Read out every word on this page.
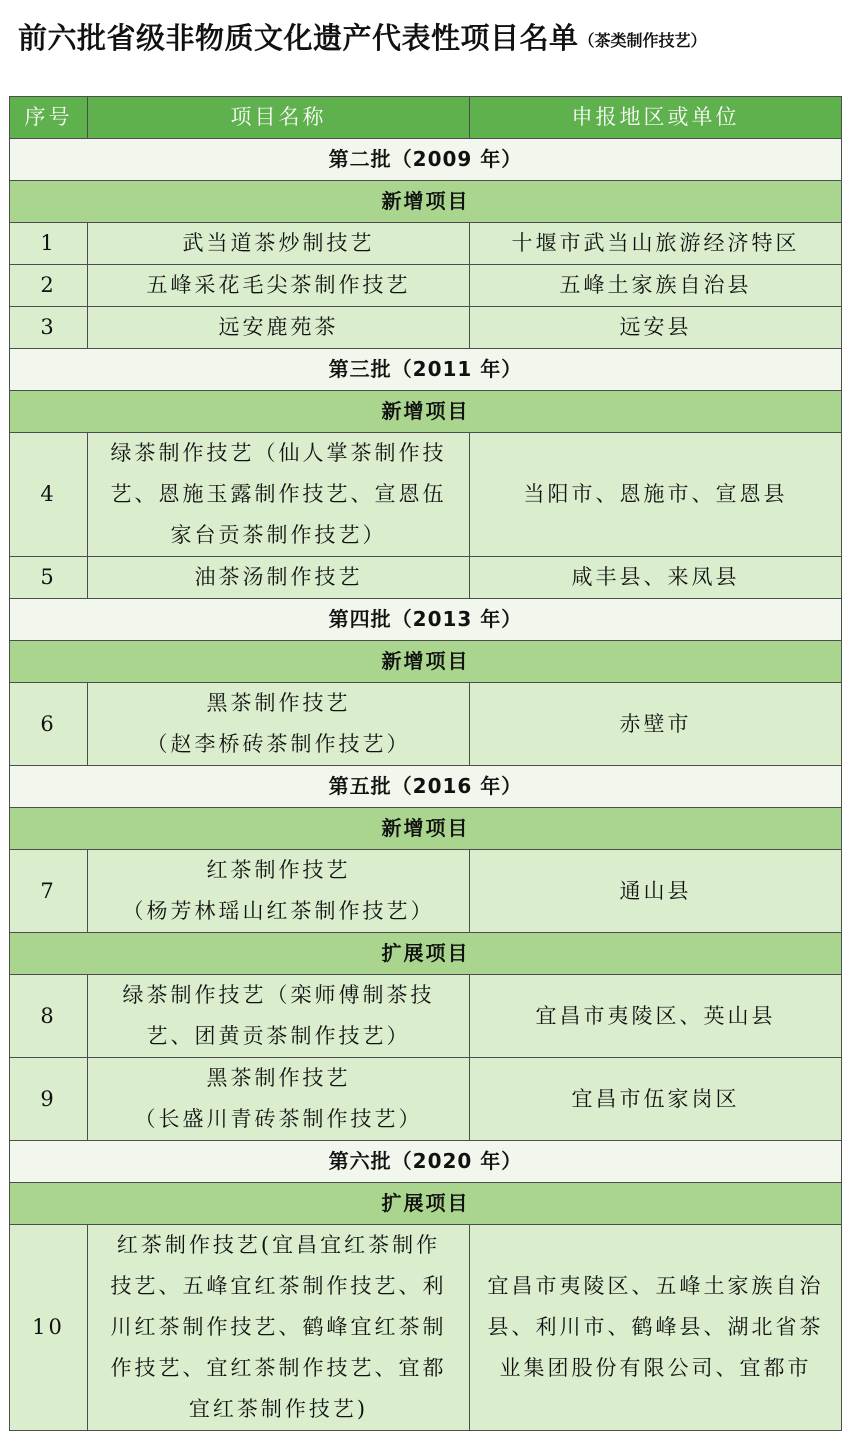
前六批省级非物质文化遗产代表性项目名单（茶类制作技艺）
序号	项目名称	申报地区或单位
第二批（2009 年）		
新增项目		
1	武当道茶炒制技艺	十堰市武当山旅游经济特区

2	五峰采花毛尖茶制作技艺	五峰土家族自治县

3	远安鹿苑茶	远安县

第三批（2011 年）		
新增项目		
4	绿茶制作技艺（仙人掌茶制作技
艺、恩施玉露制作技艺、宣恩伍
家台贡茶制作技艺）	当阳市、恩施市、宣恩县

5	油茶汤制作技艺	咸丰县、来凤县

第四批（2013 年）		
新增项目		
6	黑茶制作技艺
（赵李桥砖茶制作技艺）	赤壁市

第五批（2016 年）		
新增项目		
7	红茶制作技艺
（杨芳林瑶山红茶制作技艺）	通山县

扩展项目		
8	绿茶制作技艺（栾师傅制茶技
艺、团黄贡茶制作技艺）	宜昌市夷陵区、英山县

9	黑茶制作技艺
（长盛川青砖茶制作技艺）	宜昌市伍家岗区

第六批（2020 年）		
扩展项目		
10	红茶制作技艺(宜昌宜红茶制作
技艺、五峰宜红茶制作技艺、利
川红茶制作技艺、鹤峰宜红茶制
作技艺、宜红茶制作技艺、宜都
宜红茶制作技艺)	宜昌市夷陵区、五峰土家族自治
县、利川市、鹤峰县、湖北省茶
业集团股份有限公司、宜都市
